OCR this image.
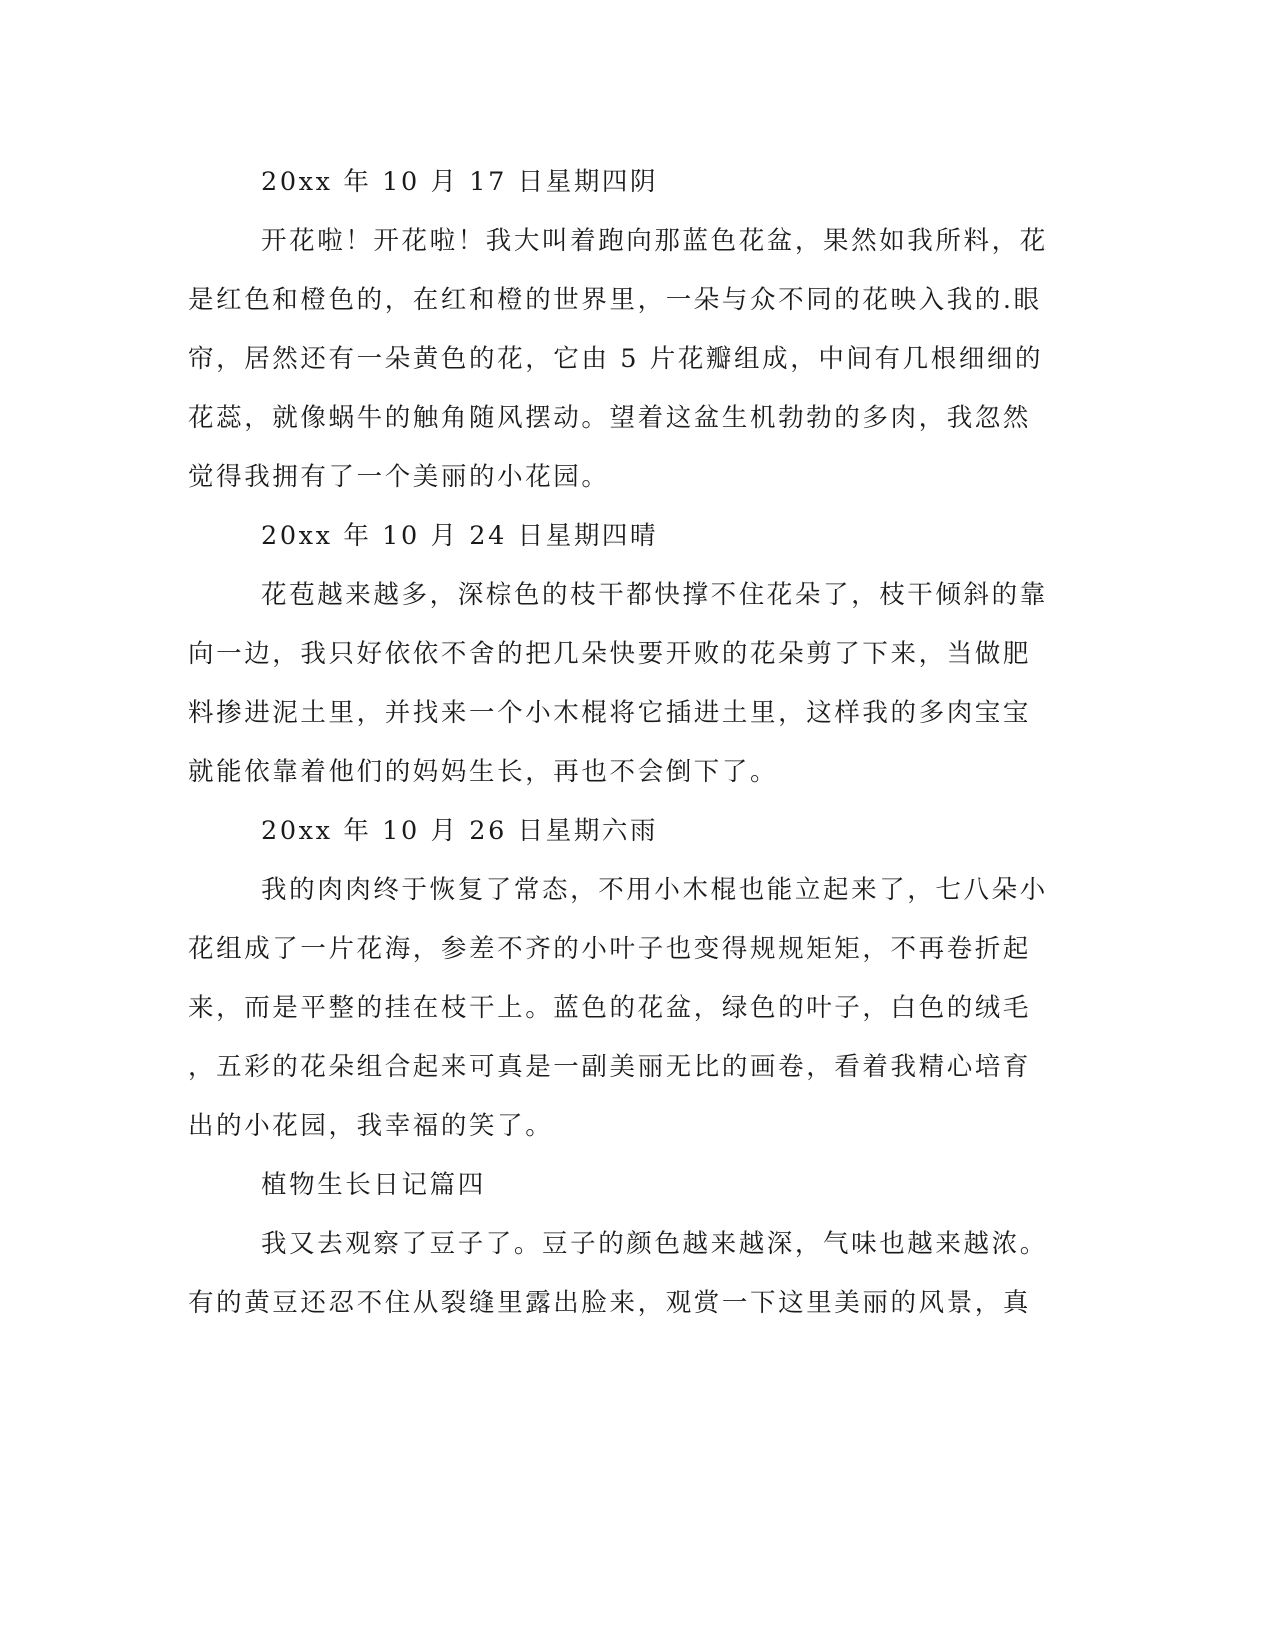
20xx 年 10 月 17 日星期四阴
开花啦！开花啦！我大叫着跑向那蓝色花盆，果然如我所料，花
是红色和橙色的，在红和橙的世界里，一朵与众不同的花映入我的.眼
帘，居然还有一朵黄色的花，它由 5 片花瓣组成，中间有几根细细的
花蕊，就像蜗牛的触角随风摆动。望着这盆生机勃勃的多肉，我忽然
觉得我拥有了一个美丽的小花园。
20xx 年 10 月 24 日星期四晴
花苞越来越多，深棕色的枝干都快撑不住花朵了，枝干倾斜的靠
向一边，我只好依依不舍的把几朵快要开败的花朵剪了下来，当做肥
料掺进泥土里，并找来一个小木棍将它插进土里，这样我的多肉宝宝
就能依靠着他们的妈妈生长，再也不会倒下了。
20xx 年 10 月 26 日星期六雨
我的肉肉终于恢复了常态，不用小木棍也能立起来了，七八朵小
花组成了一片花海，参差不齐的小叶子也变得规规矩矩，不再卷折起
来，而是平整的挂在枝干上。蓝色的花盆，绿色的叶子，白色的绒毛
，五彩的花朵组合起来可真是一副美丽无比的画卷，看着我精心培育
出的小花园，我幸福的笑了。
植物生长日记篇四
我又去观察了豆子了。豆子的颜色越来越深，气味也越来越浓。
有的黄豆还忍不住从裂缝里露出脸来，观赏一下这里美丽的风景，真
